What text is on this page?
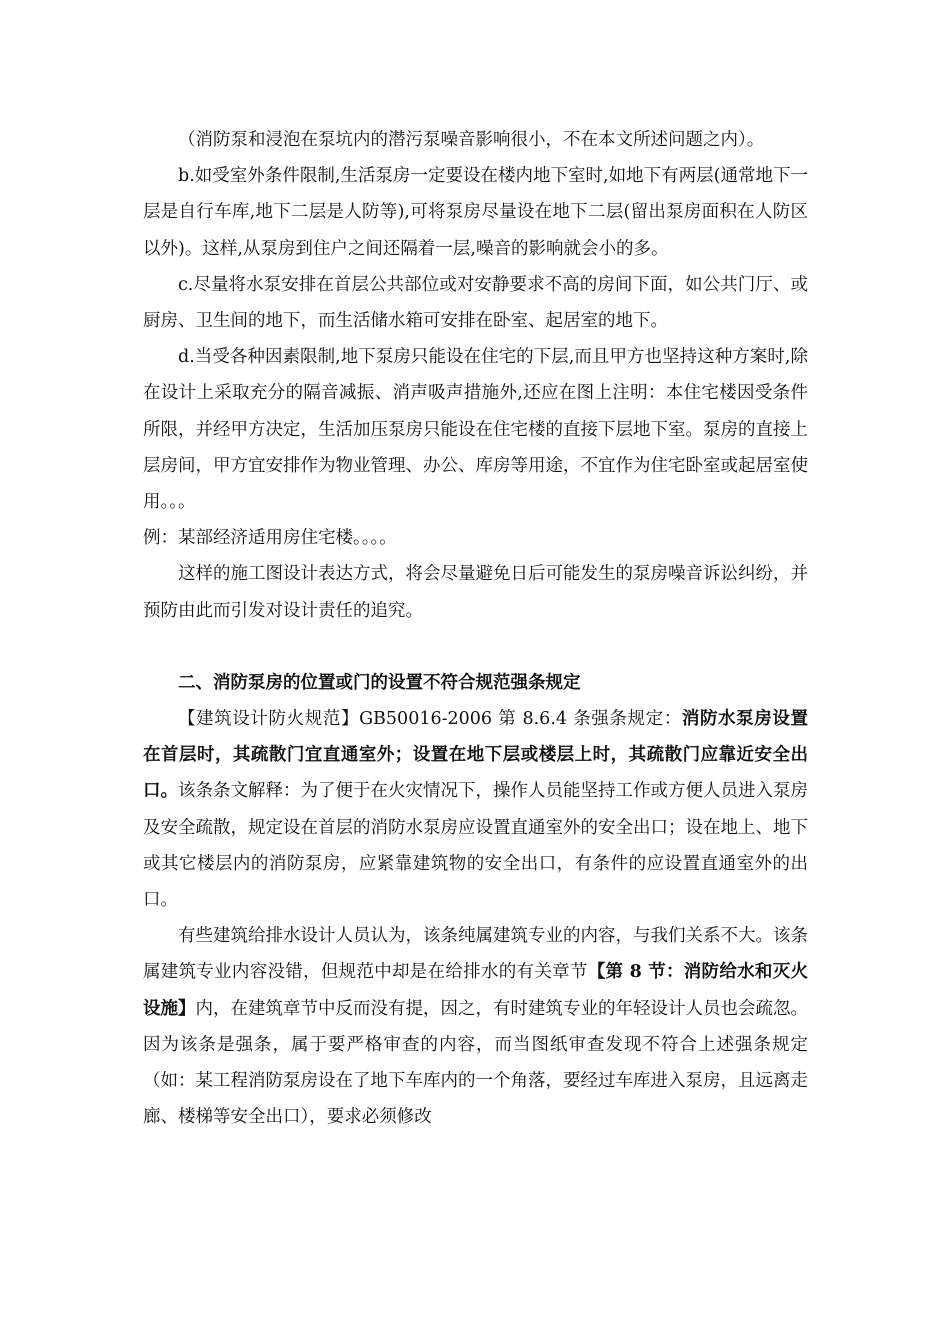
（消防泵和浸泡在泵坑内的潜污泵噪音影响很小，不在本文所述问题之内）。

b.如受室外条件限制,生活泵房一定要设在楼内地下室时,如地下有两层(通常地下一层是自行车库,地下二层是人防等),可将泵房尽量设在地下二层(留出泵房面积在人防区以外)。这样,从泵房到住户之间还隔着一层,噪音的影响就会小的多。

c.尽量将水泵安排在首层公共部位或对安静要求不高的房间下面，如公共门厅、或厨房、卫生间的地下，而生活储水箱可安排在卧室、起居室的地下。

d.当受各种因素限制,地下泵房只能设在住宅的下层,而且甲方也坚持这种方案时,除在设计上采取充分的隔音减振、消声吸声措施外,还应在图上注明：本住宅楼因受条件所限，并经甲方决定，生活加压泵房只能设在住宅楼的直接下层地下室。泵房的直接上层房间，甲方宜安排作为物业管理、办公、库房等用途，不宜作为住宅卧室或起居室使用。。。

例：某部经济适用房住宅楼。。。。

这样的施工图设计表达方式，将会尽量避免日后可能发生的泵房噪音诉讼纠纷，并预防由此而引发对设计责任的追究。

二、消防泵房的位置或门的设置不符合规范强条规定

【建筑设计防火规范】GB50016-2006 第 8.6.4 条强条规定：消防水泵房设置在首层时，其疏散门宜直通室外；设置在地下层或楼层上时，其疏散门应靠近安全出口。该条条文解释：为了便于在火灾情况下，操作人员能坚持工作或方便人员进入泵房及安全疏散，规定设在首层的消防水泵房应设置直通室外的安全出口；设在地上、地下或其它楼层内的消防泵房，应紧靠建筑物的安全出口，有条件的应设置直通室外的出口。

有些建筑给排水设计人员认为，该条纯属建筑专业的内容，与我们关系不大。该条属建筑专业内容没错，但规范中却是在给排水的有关章节【第 8 节：消防给水和灭火设施】内，在建筑章节中反而没有提，因之，有时建筑专业的年轻设计人员也会疏忽。因为该条是强条，属于要严格审查的内容，而当图纸审查发现不符合上述强条规定（如：某工程消防泵房设在了地下车库内的一个角落，要经过车库进入泵房，且远离走廊、楼梯等安全出口），要求必须修改
